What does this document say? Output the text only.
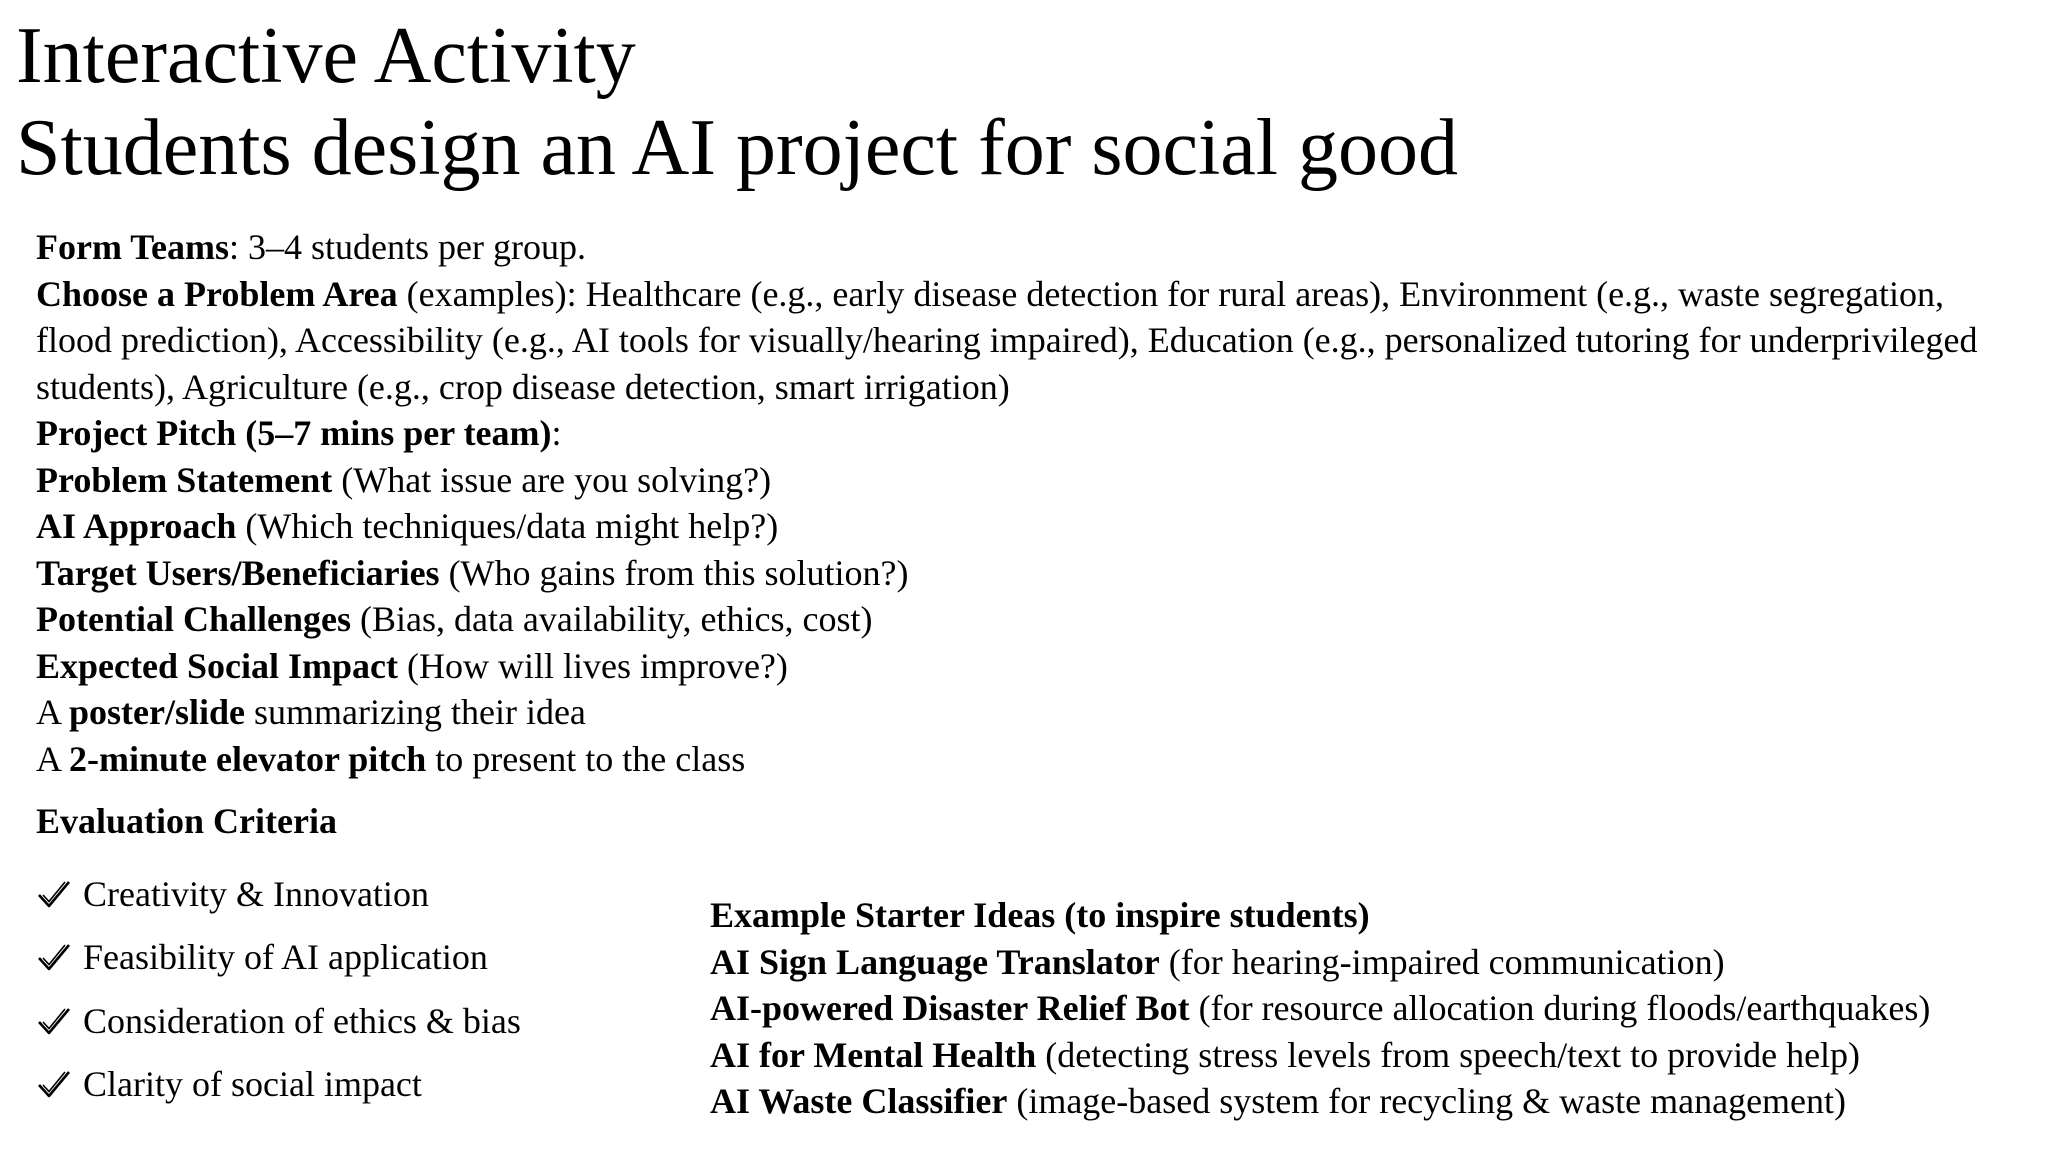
Interactive Activity
Students design an AI project for social good

Form Teams: 3–4 students per group.

Choose a Problem Area (examples): Healthcare (e.g., early disease detection for rural areas), Environment (e.g., waste segregation, flood prediction), Accessibility (e.g., AI tools for visually/hearing impaired), Education (e.g., personalized tutoring for underprivileged students), Agriculture (e.g., crop disease detection, smart irrigation)

Project Pitch (5–7 mins per team):

Problem Statement (What issue are you solving?)

AI Approach (Which techniques/data might help?)

Target Users/Beneficiaries (Who gains from this solution?)

Potential Challenges (Bias, data availability, ethics, cost)

Expected Social Impact (How will lives improve?)

A poster/slide summarizing their idea

A 2-minute elevator pitch to present to the class

Evaluation Criteria
Creativity & Innovation
Feasibility of AI application
Consideration of ethics & bias
Clarity of social impact

Example Starter Ideas (to inspire students)

AI Sign Language Translator (for hearing-impaired communication)

AI-powered Disaster Relief Bot (for resource allocation during floods/earthquakes)

AI for Mental Health (detecting stress levels from speech/text to provide help)

AI Waste Classifier (image-based system for recycling & waste management)
